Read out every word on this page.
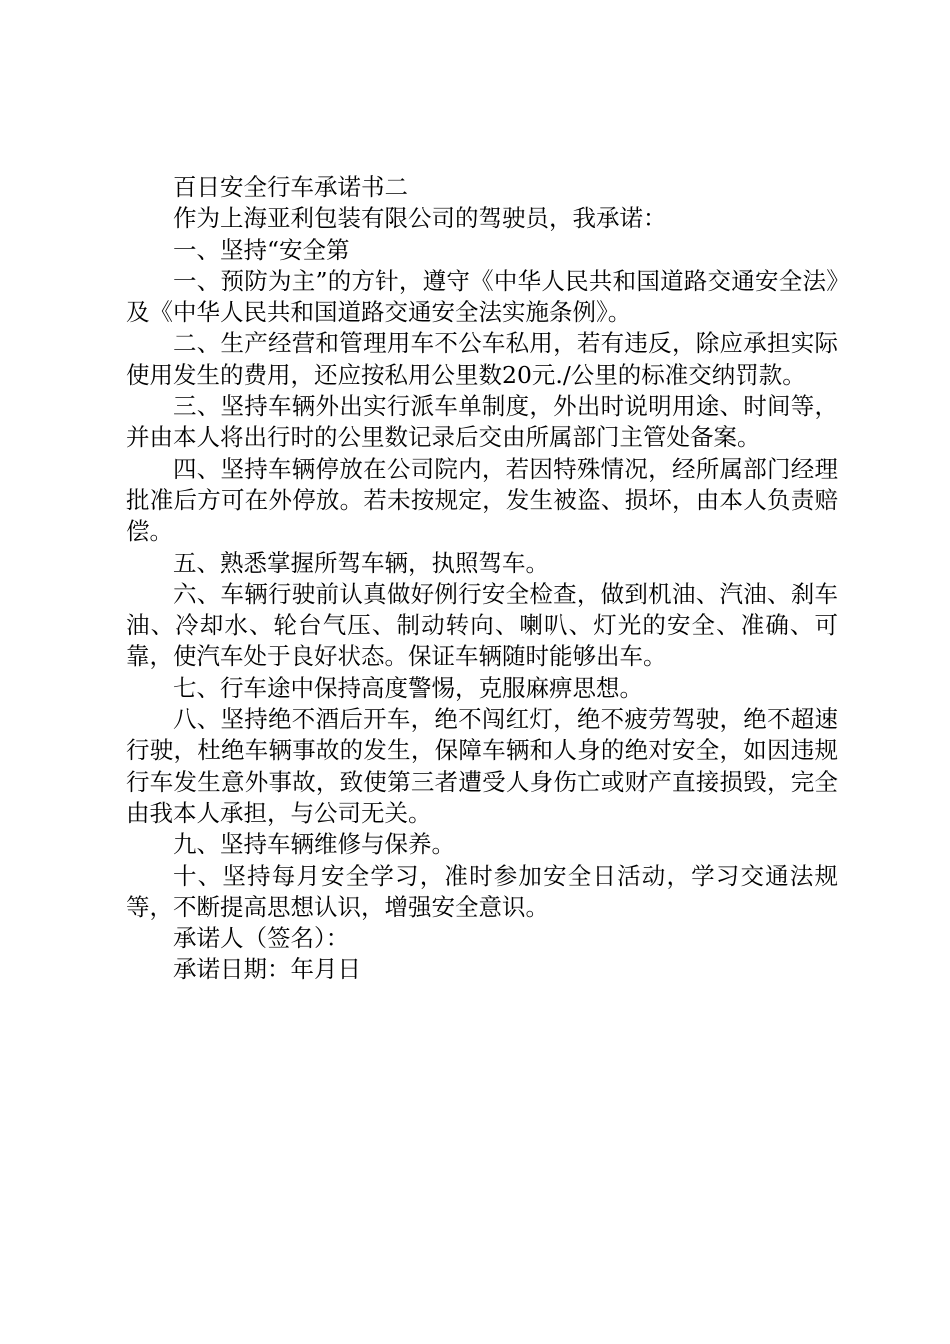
百日安全行车承诺书二

作为上海亚利包装有限公司的驾驶员，我承诺：

一、坚持“安全第

一、预防为主”的方针，遵守《中华人民共和国道路交通安全法》及《中华人民共和国道路交通安全法实施条例》。

二、生产经营和管理用车不公车私用，若有违反，除应承担实际使用发生的费用，还应按私用公里数20元./公里的标准交纳罚款。

三、坚持车辆外出实行派车单制度，外出时说明用途、时间等，并由本人将出行时的公里数记录后交由所属部门主管处备案。

四、坚持车辆停放在公司院内，若因特殊情况，经所属部门经理批准后方可在外停放。若未按规定，发生被盗、损坏，由本人负责赔偿。

五、熟悉掌握所驾车辆，执照驾车。

六、车辆行驶前认真做好例行安全检查，做到机油、汽油、刹车油、冷却水、轮台气压、制动转向、喇叭、灯光的安全、准确、可靠，使汽车处于良好状态。保证车辆随时能够出车。

七、行车途中保持高度警惕，克服麻痹思想。

八、坚持绝不酒后开车，绝不闯红灯，绝不疲劳驾驶，绝不超速行驶，杜绝车辆事故的发生，保障车辆和人身的绝对安全，如因违规行车发生意外事故，致使第三者遭受人身伤亡或财产直接损毁，完全由我本人承担，与公司无关。

九、坚持车辆维修与保养。

十、坚持每月安全学习，准时参加安全日活动，学习交通法规等，不断提高思想认识，增强安全意识。

承诺人（签名）：

承诺日期：年月日
